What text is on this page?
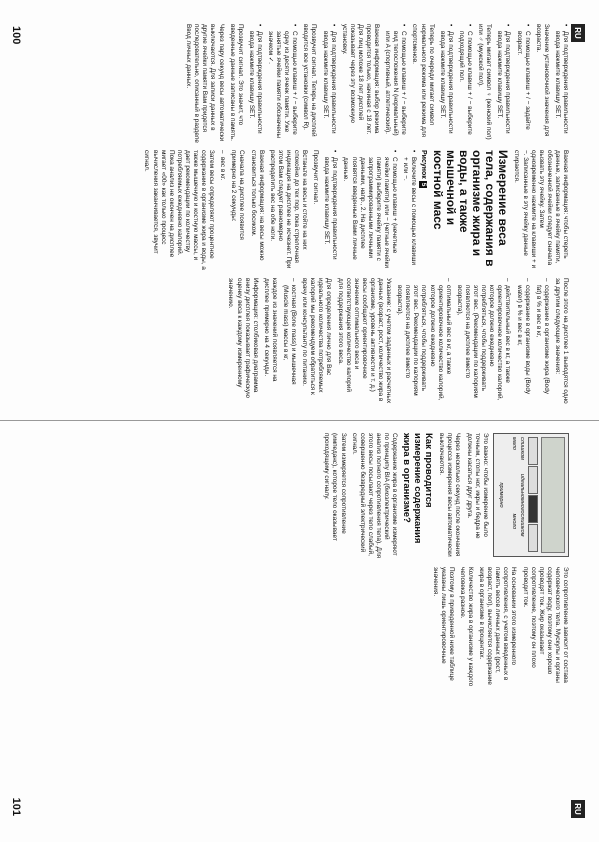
RU

• Для подтверждения правильности ввода нажмите клавишу SET.

Значение установочной значения для возраста.

• С помощью клавиш + / − задайте возраст.

• Для подтверждения правильности ввода нажмите клавишу SET.

Теперь мигает символ ♀ (женский пол) или ♂ (мужской пол).

• С помощью клавиш + / − выберите подходящий пол.

• Для подтверждения правильности ввода нажмите клавишу SET.

Теперь по очереди мигает символ нормального режима или режима для спортсменов.

• С помощью клавиш + / − выберите вид телосложения N (нормальный) или A (спортивный, атлетический).

Важная информация: выбор режима проводится только, начиная с 18 лет. Для лиц моложе 18 лет дисплей показывает через эту возможную установку.

• Для подтверждения правильности ввода нажмите клавишу SET.

Прозвучит сигнал. Теперь на дисплей вводится все установки (символ R).

• С помощью клавиш + / − выберите одну из десяти ячеек памяти. Уже занятые ячейки памяти обозначены значком ✓.

• Для подтверждения правильности ввода нажмите клавишу SET.

Прозвучит сигнал. Это значит, что введенные данные записаны в память.

Через пару секунд весы автоматически выключаются. Для записи данных в другие ячейки памяти Вам придется последовательно, описанный в разделе Ввод личных данных.

Важная информация: чтобы стереть данные, записанные в ячейку памяти, обозначенной ячейки следует сначала вызвать эту ячейку. Затем одновременно нажмите на клавиши + и −. Записанные в эту ячейку данные стираются.

Измерение веса тела, содержания в организме жира и воды, а также мышечной и костной масс
Рисунок 5

• Включите весы с помощью клавиши + или −.

• С помощью клавиш + (нечетные ячейки памяти) или − (четные ячейки памяти) выберите ячейку памяти с запрограммированными личными данными, напр., 2. На дисплее появятся введенные Вами личные данные.

• Для подтверждения правильности ввода нажмите клавишу SET.

Прозвучит сигнал.

Встаньте на весы и стойте на них спокойно до тех пор, пока стрелочная индикация на дисплее не исчезнет. При этом Вам следует равномерно распределить вес на обе ноги.

Важная информация: на весы можно становиться только босиком.

Сначала на дисплее появится примерно на 2 секунды:

– вес в кг.

Затем весы определяют процентное содержание в организме жира и воды, а также мышечную и костную массы, и дает рекомендации по количеству потребляемых ежедневно калорий. Пока анализ не окончен на дисплее мигает «00» как только процесс вычисления заканчивается, звучит сигнал.

После этого на дисплее 1 выводятся одно за другим следующие значения:

– содержание в организме жира (Body fat) в % и вес в кг,

– содержание в организме воды (Body water) в % и вес в кг,

– действительный вес в кг, а также ориентировочное количество калорий, которое должно ежедневно потребляться, чтобы поддерживать этот вес. (Рекомендации по калориям появляются на дисплее вместо возраста),

– оптимальный вес в кг, а также ориентировочное количество калорий, которое должно ежедневно потребляться, чтобы поддерживать этот вес. Рекомендации по калориям появляются на дисплее вместо возраста).

Указание: с учетом заданных и расчетных данных (возраст, рост, количество жира в организме, уровень активности и т. д.) весы сообщают ориентировочное значение оптимального веса и соответствующее количество калорий для поддержания этого веса.

Для определения лично для Вас идеального количества потребляемых калорий мы рекомендуем обратиться к врачу или консультанту по питанию.

– костная (Bone mass) и мышечная (Muscle mass) массы в кг,

каждое из значений появляется на дисплее примерно на 4 секунды.

Информация: столбиковая диаграмма внизу дисплея показывает графическую оценку веса к каждому измеренному значению.

100
RU
слишком мало
идеально
много
слишком много
примерно

Это важно: чтобы измерение было точным, стопы ног, икры и бедра не должны касаться друг друга.

Через несколько секунд после окончания процесса измерения весы автоматически выключаются.

Как проводится измерение содержания жира в организме?

Содержание жира в организме измеряют по принципу BIA (биоэлектрический анализ полного сопротивления тела). Для этого весы посылают через тело слабый, совершенно безвредный электрический сигнал.

Затем измеряется сопротивление (импеданс), которое тело оказывает проходящему сигналу.

Это сопротивление зависит от состава человеческого тела. Мускулы и органы содержат воду, поэтому они хорошо проводят ток. Жир оказывает сопротивление, поэтому он плохо проводит ток.

На основании этого измеренного сопротивления, с учетом введенных в память весов личных данных (рост, возраст, пол), вычисляется содержание жира в организме в процентах.

Количество жира в организме у каждого человека разное.

Поэтому в приведенной ниже таблице указаны лишь ориентировочные значения.

101
